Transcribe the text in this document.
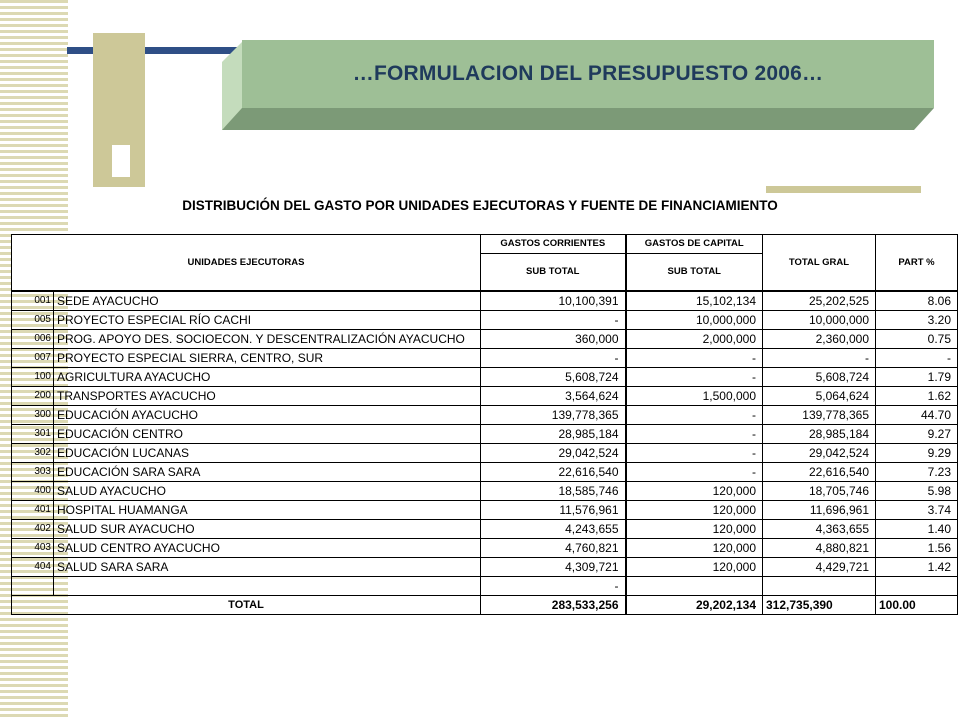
…FORMULACION DEL PRESUPUESTO 2006…
DISTRIBUCIÓN DEL GASTO POR UNIDADES EJECUTORAS Y FUENTE DE FINANCIAMIENTO
UNIDADES EJECUTORAS		GASTOS CORRIENTES	GASTOS DE CAPITAL	TOTAL GRAL	PART %
		SUB TOTAL	SUB TOTAL		
001	SEDE AYACUCHO	10,100,391	15,102,134	25,202,525	8.06
005	PROYECTO ESPECIAL RÍO CACHI	-	10,000,000	10,000,000	3.20
006	PROG. APOYO DES. SOCIOECON. Y DESCENTRALIZACIÓN AYACUCHO	360,000	2,000,000	2,360,000	0.75
007	PROYECTO ESPECIAL SIERRA, CENTRO, SUR	-	-	-	-
100	AGRICULTURA AYACUCHO	5,608,724	-	5,608,724	1.79
200	TRANSPORTES AYACUCHO	3,564,624	1,500,000	5,064,624	1.62
300	EDUCACIÓN AYACUCHO	139,778,365	-	139,778,365	44.70
301	EDUCACIÓN CENTRO	28,985,184	-	28,985,184	9.27
302	EDUCACIÓN LUCANAS	29,042,524	-	29,042,524	9.29
303	EDUCACIÓN SARA SARA	22,616,540	-	22,616,540	7.23
400	SALUD AYACUCHO	18,585,746	120,000	18,705,746	5.98
401	HOSPITAL HUAMANGA	11,576,961	120,000	11,696,961	3.74
402	SALUD SUR AYACUCHO	4,243,655	120,000	4,363,655	1.40
403	SALUD CENTRO AYACUCHO	4,760,821	120,000	4,880,821	1.56
404	SALUD SARA SARA	4,309,721	120,000	4,429,721	1.42
		-			
TOTAL		283,533,256	29,202,134	312,735,390	100.00
